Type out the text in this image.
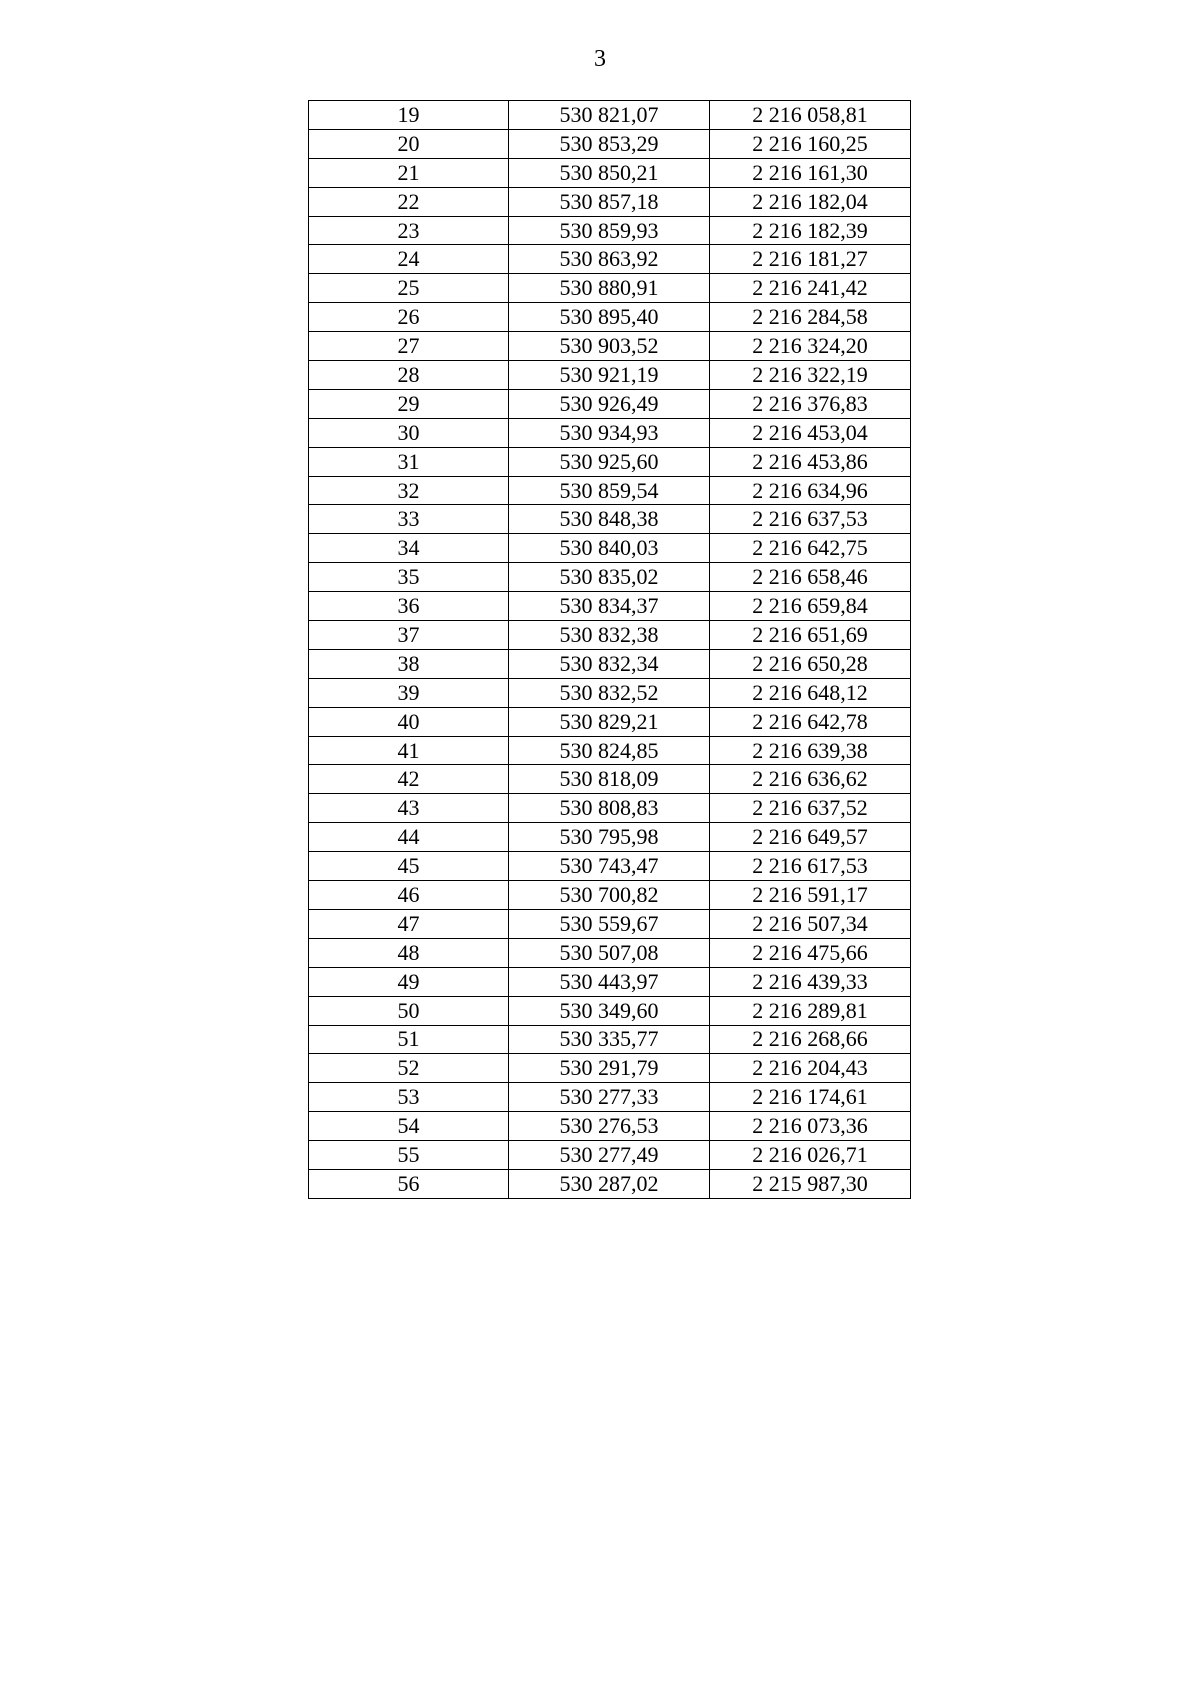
3
19	530 821,07	2 216 058,81
20	530 853,29	2 216 160,25
21	530 850,21	2 216 161,30
22	530 857,18	2 216 182,04
23	530 859,93	2 216 182,39
24	530 863,92	2 216 181,27
25	530 880,91	2 216 241,42
26	530 895,40	2 216 284,58
27	530 903,52	2 216 324,20
28	530 921,19	2 216 322,19
29	530 926,49	2 216 376,83
30	530 934,93	2 216 453,04
31	530 925,60	2 216 453,86
32	530 859,54	2 216 634,96
33	530 848,38	2 216 637,53
34	530 840,03	2 216 642,75
35	530 835,02	2 216 658,46
36	530 834,37	2 216 659,84
37	530 832,38	2 216 651,69
38	530 832,34	2 216 650,28
39	530 832,52	2 216 648,12
40	530 829,21	2 216 642,78
41	530 824,85	2 216 639,38
42	530 818,09	2 216 636,62
43	530 808,83	2 216 637,52
44	530 795,98	2 216 649,57
45	530 743,47	2 216 617,53
46	530 700,82	2 216 591,17
47	530 559,67	2 216 507,34
48	530 507,08	2 216 475,66
49	530 443,97	2 216 439,33
50	530 349,60	2 216 289,81
51	530 335,77	2 216 268,66
52	530 291,79	2 216 204,43
53	530 277,33	2 216 174,61
54	530 276,53	2 216 073,36
55	530 277,49	2 216 026,71
56	530 287,02	2 215 987,30
